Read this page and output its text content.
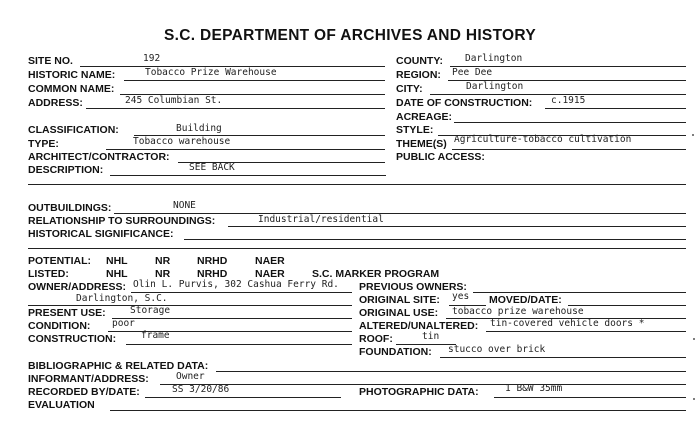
S.C. DEPARTMENT OF ARCHIVES AND HISTORY
SITE NO.	192
HISTORIC NAME:	Tobacco Prize Warehouse
COMMON NAME:
ADDRESS:	245 Columbian St.
COUNTY: Darlington
REGION: Pee Dee
CITY:	Darlington
DATE OF CONSTRUCTION: c.1915
ACREAGE:
CLASSIFICATION:	Building
TYPE:	Tobacco warehouse
ARCHITECT/CONTRACTOR:
DESCRIPTION:	SEE BACK
STYLE:
THEME(S) Agriculture-tobacco cultivation
PUBLIC ACCESS:
OUTBUILDINGS:	NONE
RELATIONSHIP TO SURROUNDINGS:	Industrial/residential
HISTORICAL SIGNIFICANCE:
POTENTIAL: NHL	NR	NRHD	NAER
LISTED:	NHL	NR	NRHD	NAER	S.C. MARKER PROGRAM
OWNER/ADDRESS: Olin L. Purvis, 302 Cashua Ferry Rd.
Darlington, S.C.
PRESENT USE:	Storage
CONDITION: poor
CONSTRUCTION:	frame
PREVIOUS OWNERS:
ORIGINAL SITE: yes MOVED/DATE:
ORIGINAL USE: tobacco prize warehouse
ALTERED/UNALTERED: tin-covered vehicle doors *
ROOF:	tin
FOUNDATION: stucco over brick
BIBLIOGRAPHIC & RELATED DATA:
INFORMANT/ADDRESS:	Owner
RECORDED BY/DATE:	SS 3/20/86	PHOTOGRAPHIC DATA:	1 B&W 35mm
EVALUATION
